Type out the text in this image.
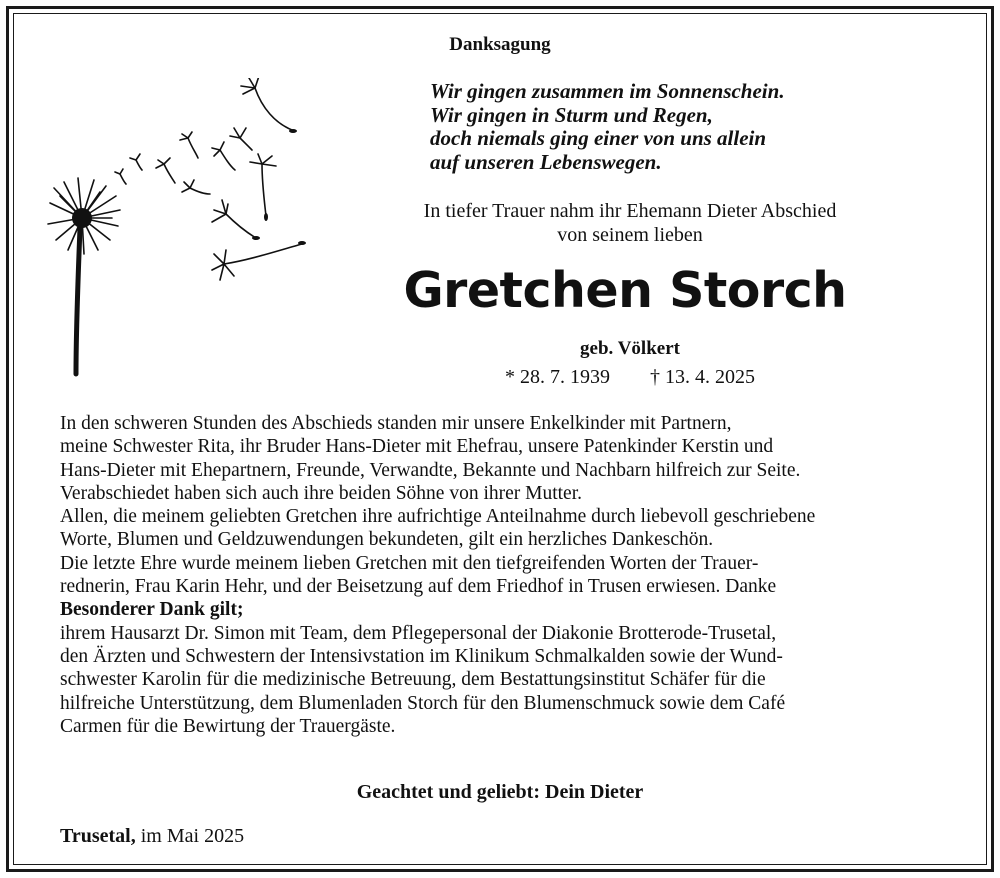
Danksagung
Wir gingen zusammen im Sonnenschein.
Wir gingen in Sturm und Regen,
doch niemals ging einer von uns allein
auf unseren Lebenswegen.
In tiefer Trauer nahm ihr Ehemann Dieter Abschied
von seinem lieben
Gretchen Storch
geb. Völkert
* 28. 7. 1939 † 13. 4. 2025
In den schweren Stunden des Abschieds standen mir unsere Enkelkinder mit Partnern,
meine Schwester Rita, ihr Bruder Hans-Dieter mit Ehefrau, unsere Patenkinder Kerstin und
Hans-Dieter mit Ehepartnern, Freunde, Verwandte, Bekannte und Nachbarn hilfreich zur Seite.
Verabschiedet haben sich auch ihre beiden Söhne von ihrer Mutter.
Allen, die meinem geliebten Gretchen ihre aufrichtige Anteilnahme durch liebevoll geschriebene
Worte, Blumen und Geldzuwendungen bekundeten, gilt ein herzliches Dankeschön.
Die letzte Ehre wurde meinem lieben Gretchen mit den tiefgreifenden Worten der Trauer-
rednerin, Frau Karin Hehr, und der Beisetzung auf dem Friedhof in Trusen erwiesen. Danke
Besonderer Dank gilt;
ihrem Hausarzt Dr. Simon mit Team, dem Pflegepersonal der Diakonie Brotterode-Trusetal,
den Ärzten und Schwestern der Intensivstation im Klinikum Schmalkalden sowie der Wund-
schwester Karolin für die medizinische Betreuung, dem Bestattungsinstitut Schäfer für die
hilfreiche Unterstützung, dem Blumenladen Storch für den Blumenschmuck sowie dem Café
Carmen für die Bewirtung der Trauergäste.
Geachtet und geliebt: Dein Dieter
Trusetal, im Mai 2025
